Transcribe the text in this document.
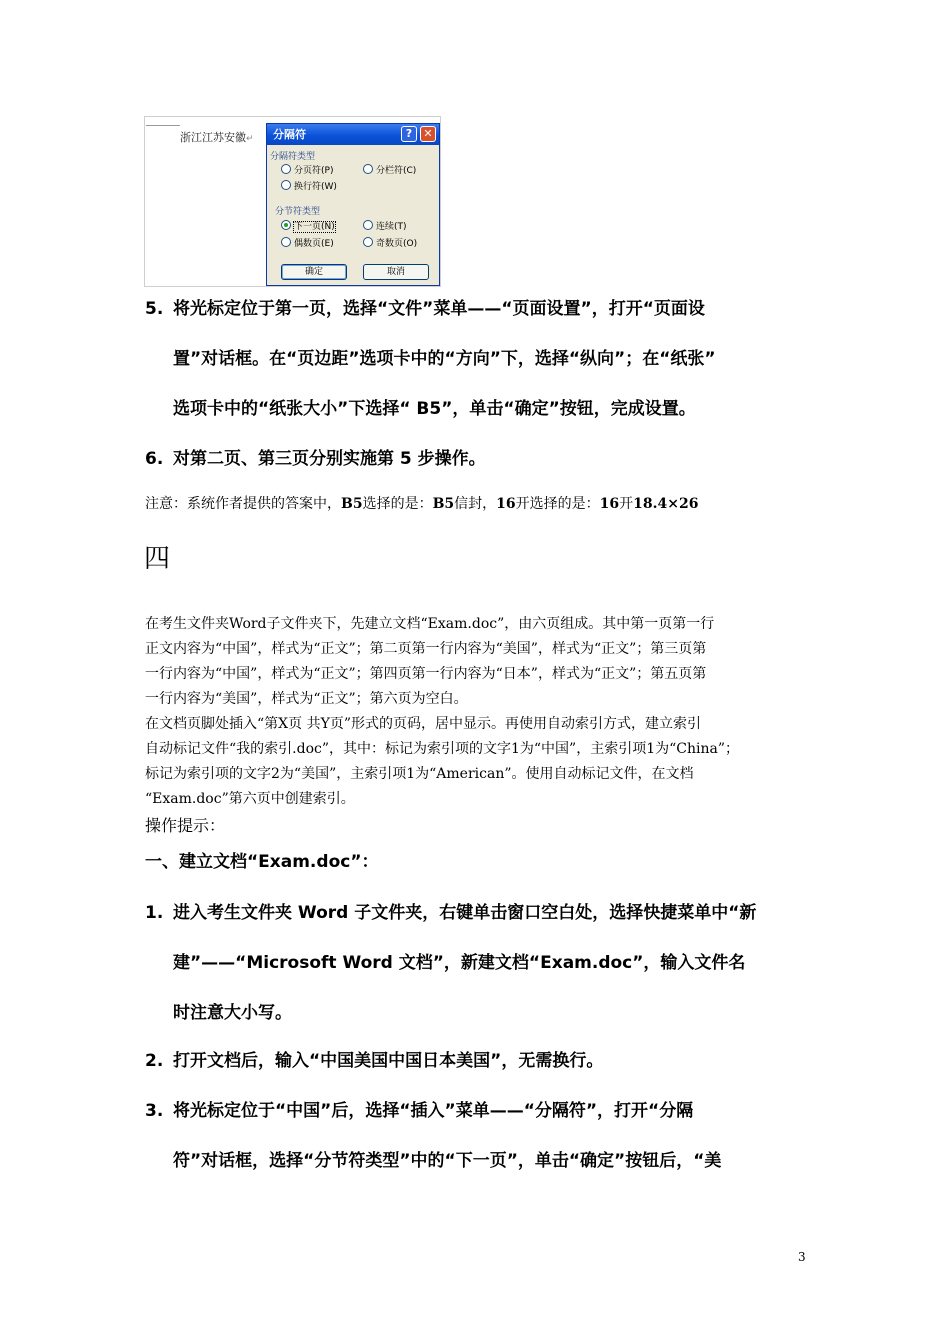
浙江江苏安徽↵	分隔符	?	✕
分隔符类型
分页符(P)	分栏符(C)
换行符(W)
分节符类型
下一页(N)	连续(T)
偶数页(E)	奇数页(O)
确定	取消
5. 将光标定位于第一页，选择“文件”菜单——“页面设置”，打开“页面设
置”对话框。在“页边距”选项卡中的“方向”下，选择“纵向”；在“纸张”
选项卡中的“纸张大小”下选择“ B5”，单击“确定”按钮，完成设置。
6. 对第二页、第三页分别实施第 5 步操作。
注意：系统作者提供的答案中，B5选择的是：B5信封，16开选择的是：16开18.4×26
四
在考生文件夹Word子文件夹下，先建立文档“Exam.doc”，由六页组成。其中第一页第一行
正文内容为“中国”，样式为“正文”；第二页第一行内容为“美国”，样式为“正文”；第三页第
一行内容为“中国”，样式为“正文”；第四页第一行内容为“日本”，样式为“正文”；第五页第
一行内容为“美国”，样式为“正文”；第六页为空白。
在文档页脚处插入“第X页 共Y页”形式的页码，居中显示。再使用自动索引方式，建立索引
自动标记文件“我的索引.doc”，其中：标记为索引项的文字1为“中国”，主索引项1为“China”；
标记为索引项的文字2为“美国”，主索引项1为“American”。使用自动标记文件，在文档
“Exam.doc”第六页中创建索引。
操作提示：
一、建立文档“Exam.doc”：
1. 进入考生文件夹 Word 子文件夹，右键单击窗口空白处，选择快捷菜单中“新
建”——“Microsoft Word 文档”，新建文档“Exam.doc”，输入文件名
时注意大小写。
2. 打开文档后，输入“中国美国中国日本美国”，无需换行。
3. 将光标定位于“中国”后，选择“插入”菜单——“分隔符”，打开“分隔
符”对话框，选择“分节符类型”中的“下一页”，单击“确定”按钮后，“美
3
